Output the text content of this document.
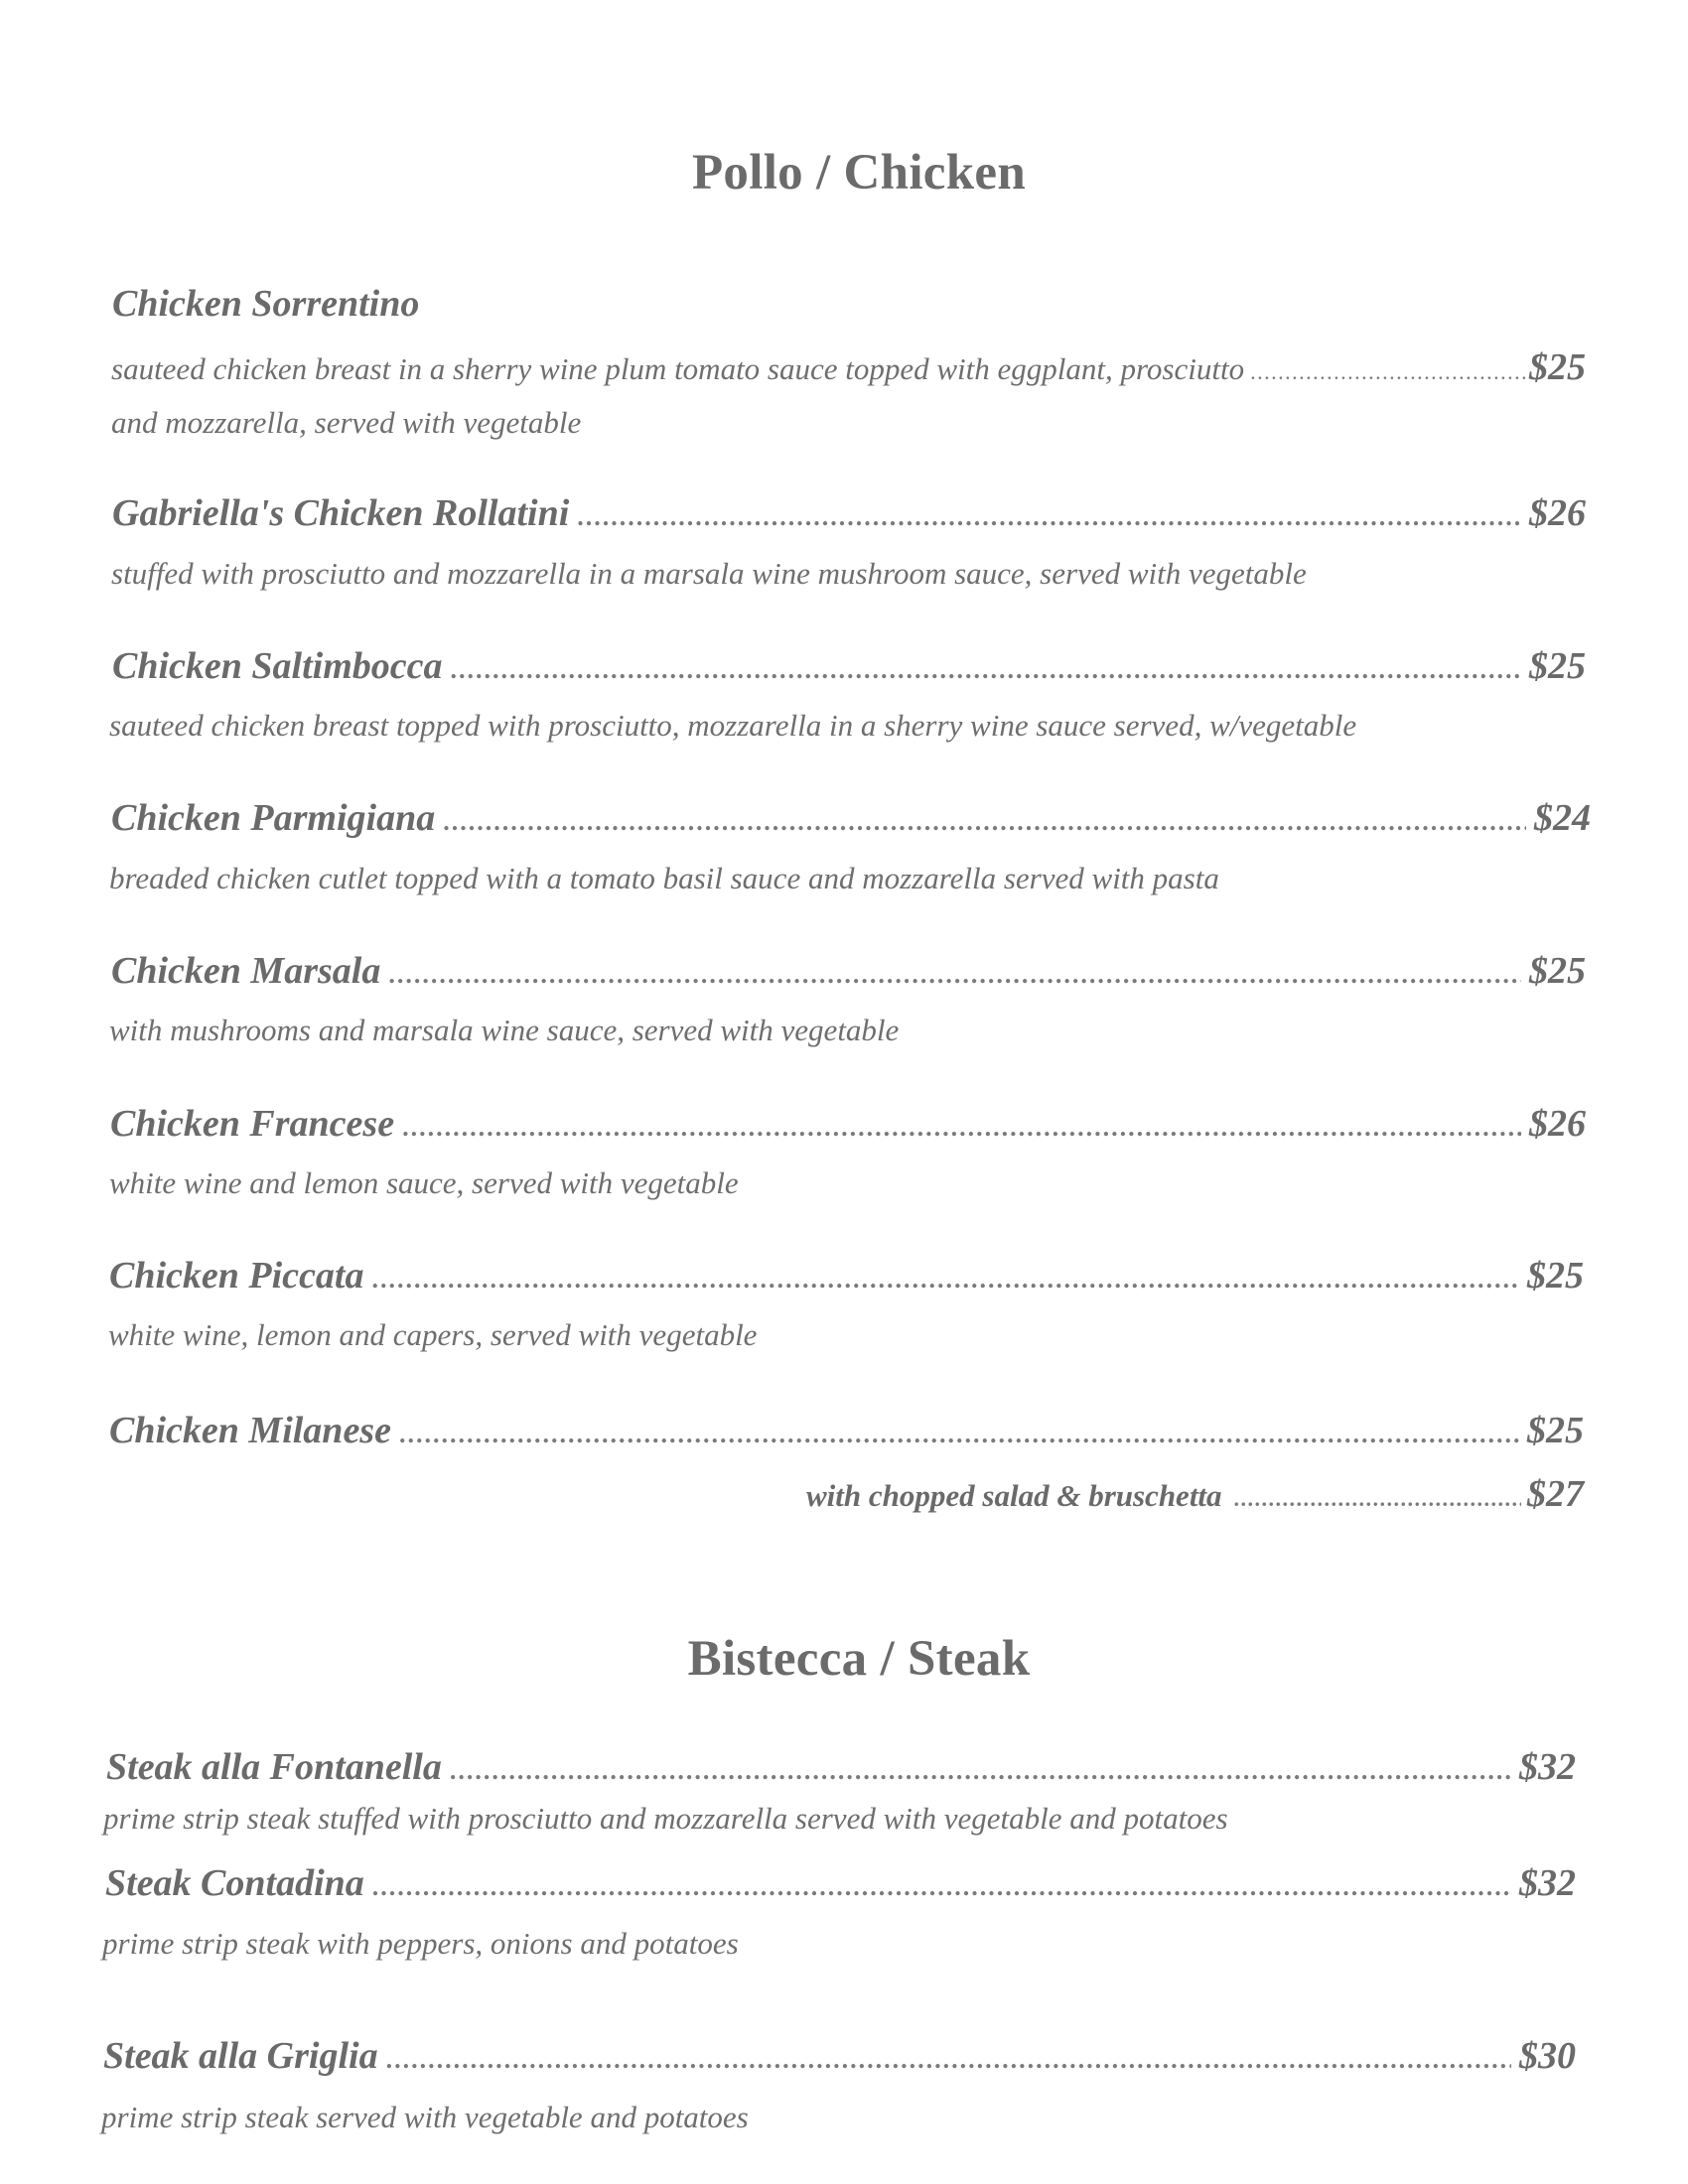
Pollo / Chicken
Chicken Sorrentino
sauteed chicken breast in a sherry wine plum tomato sauce topped with eggplant, prosciutto .....	$25

and mozzarella, served with vegetable

Gabriella's Chicken Rollatini .....	$26

stuffed with prosciutto and mozzarella in a marsala wine mushroom sauce, served with vegetable

Chicken Saltimbocca .....	$25

sauteed chicken breast topped with prosciutto, mozzarella in a sherry wine sauce served, w/vegetable

Chicken Parmigiana .....	$24

breaded chicken cutlet topped with a tomato basil sauce and mozzarella served with pasta

Chicken Marsala .....	$25

with mushrooms and marsala wine sauce, served with vegetable

Chicken Francese .....	$26

white wine and lemon sauce, served with vegetable

Chicken Piccata .....	$25

white wine, lemon and capers, served with vegetable

Chicken Milanese .....	$25
with chopped salad & bruschetta .....	$27
Bistecca / Steak
Steak alla Fontanella .....	$32

prime strip steak stuffed with prosciutto and mozzarella served with vegetable and potatoes

Steak Contadina .....	$32

prime strip steak with peppers, onions and potatoes

Steak alla Griglia .....	$30

prime strip steak served with vegetable and potatoes
